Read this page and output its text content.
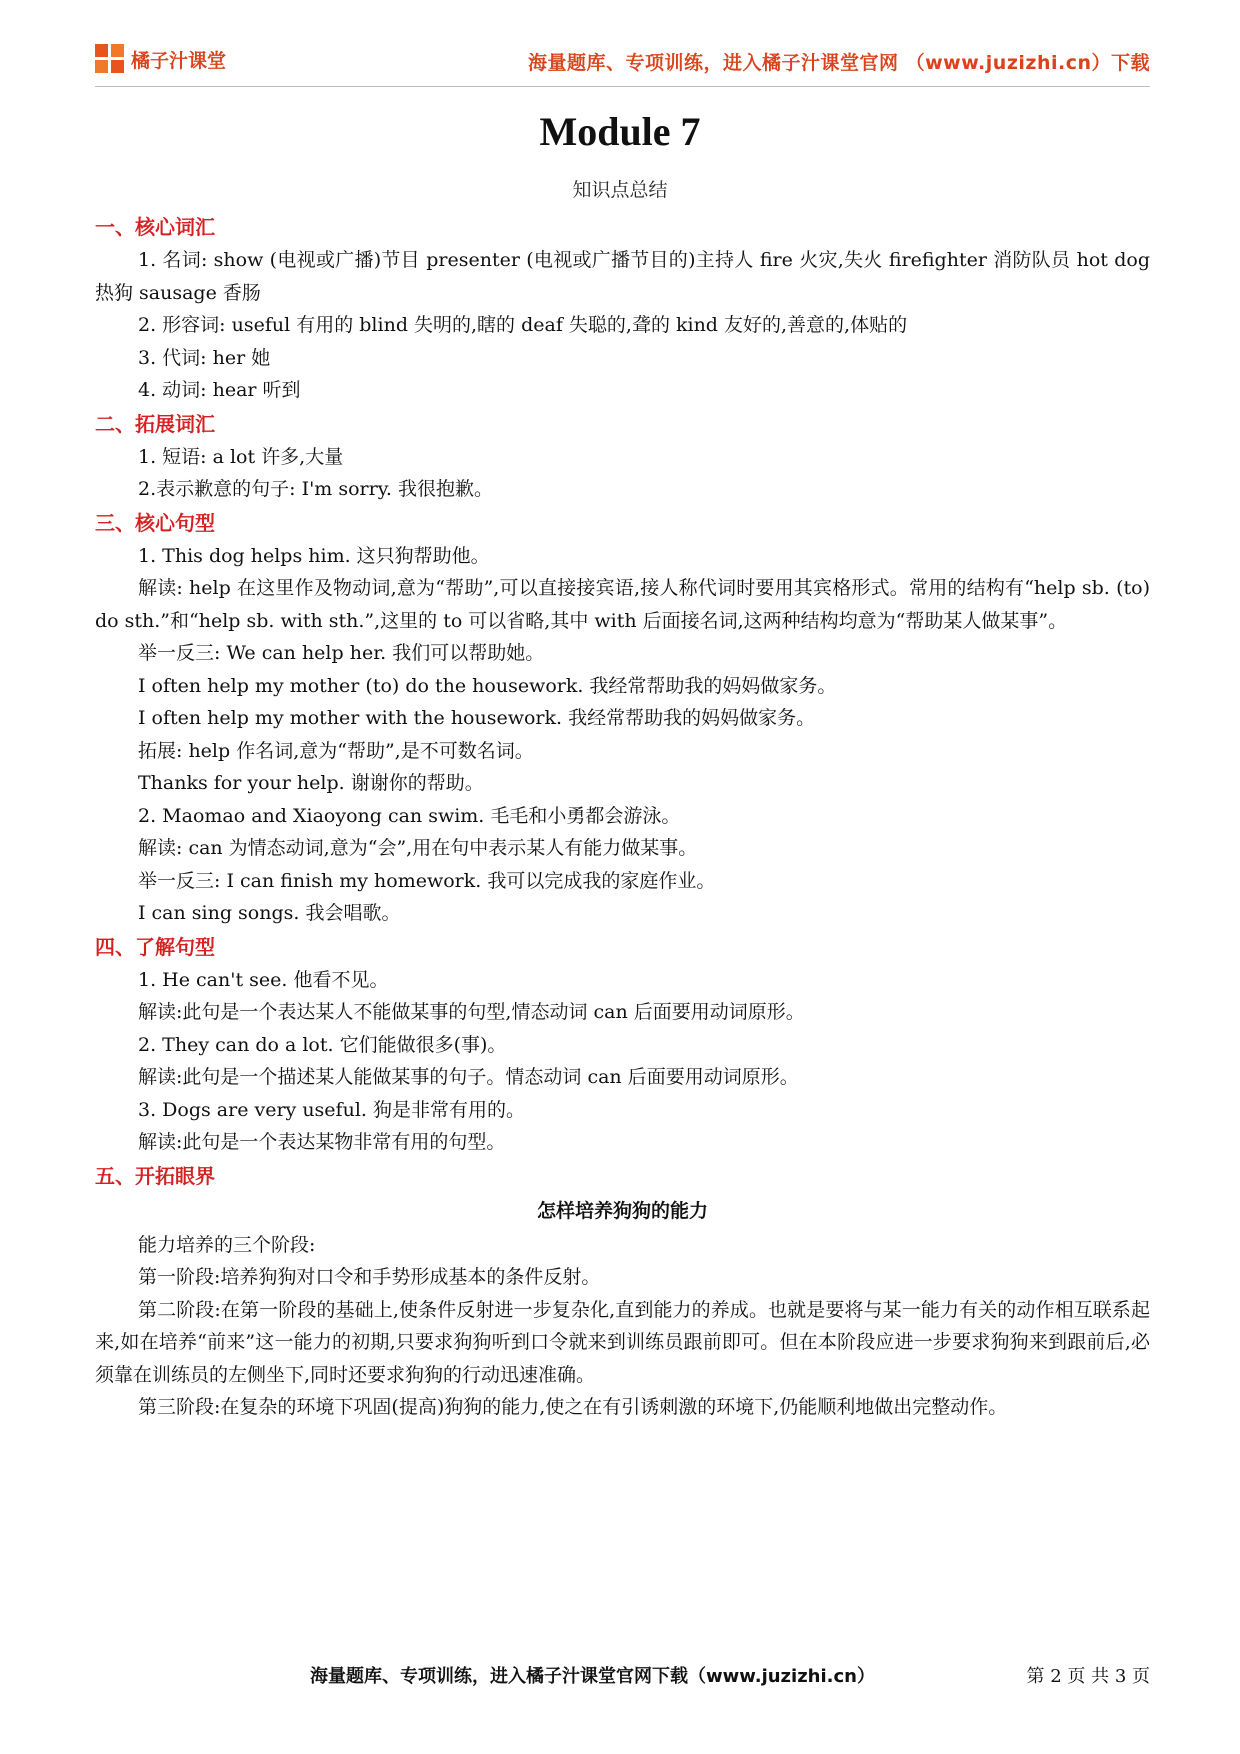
橘子汁课堂	海量题库、专项训练，进入橘子汁课堂官网 （www.juzizhi.cn）下载
Module 7
知识点总结
一、核心词汇

1. 名词: show (电视或广播)节目 presenter (电视或广播节目的)主持人 fire 火灾,失火 firefighter 消防队员 hot dog 热狗 sausage 香肠

2. 形容词: useful 有用的 blind 失明的,瞎的 deaf 失聪的,聋的 kind 友好的,善意的,体贴的

3. 代词: her 她

4. 动词: hear 听到

二、拓展词汇

1. 短语: a lot 许多,大量

2.表示歉意的句子: I'm sorry. 我很抱歉。

三、核心句型

1. This dog helps him. 这只狗帮助他。

解读: help 在这里作及物动词,意为“帮助”,可以直接接宾语,接人称代词时要用其宾格形式。常用的结构有“help sb. (to) do sth.”和“help sb. with sth.”,这里的 to 可以省略,其中 with 后面接名词,这两种结构均意为“帮助某人做某事”。

举一反三: We can help her. 我们可以帮助她。

I often help my mother (to) do the housework. 我经常帮助我的妈妈做家务。

I often help my mother with the housework. 我经常帮助我的妈妈做家务。

拓展: help 作名词,意为“帮助”,是不可数名词。

Thanks for your help. 谢谢你的帮助。

2. Maomao and Xiaoyong can swim. 毛毛和小勇都会游泳。

解读: can 为情态动词,意为“会”,用在句中表示某人有能力做某事。

举一反三: I can finish my homework. 我可以完成我的家庭作业。

I can sing songs. 我会唱歌。

四、了解句型

1. He can't see. 他看不见。

解读:此句是一个表达某人不能做某事的句型,情态动词 can 后面要用动词原形。

2. They can do a lot. 它们能做很多(事)。

解读:此句是一个描述某人能做某事的句子。情态动词 can 后面要用动词原形。

3. Dogs are very useful. 狗是非常有用的。

解读:此句是一个表达某物非常有用的句型。

五、开拓眼界
怎样培养狗狗的能力

能力培养的三个阶段:

第一阶段:培养狗狗对口令和手势形成基本的条件反射。

第二阶段:在第一阶段的基础上,使条件反射进一步复杂化,直到能力的养成。也就是要将与某一能力有关的动作相互联系起来,如在培养“前来”这一能力的初期,只要求狗狗听到口令就来到训练员跟前即可。但在本阶段应进一步要求狗狗来到跟前后,必须靠在训练员的左侧坐下,同时还要求狗狗的行动迅速准确。

第三阶段:在复杂的环境下巩固(提高)狗狗的能力,使之在有引诱刺激的环境下,仍能顺利地做出完整动作。

海量题库、专项训练，进入橘子汁课堂官网下载（www.juzizhi.cn）	第 2 页 共 3 页
